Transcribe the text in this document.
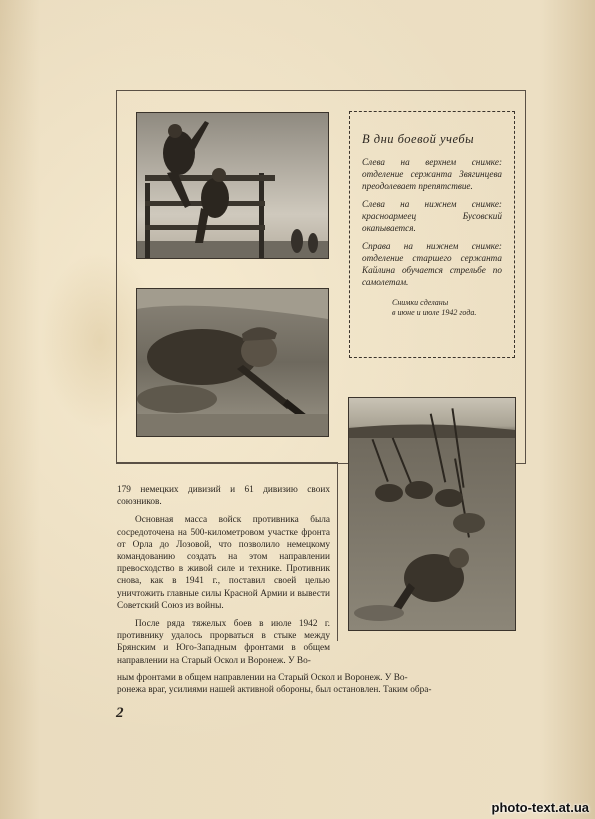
В дни боевой учебы

Слева на верхнем снимке: отделение сержанта Звягинцева преодолевает препятствие.

Слева на нижнем снимке: красноармеец Бусовский окапывается.

Справа на нижнем снимке: отделение старшего сержанта Кайлина обучается стрельбе по самолетам.

Снимки сделаны
в июне и июле 1942 года.

179 немецких дивизий и 61 дивизию своих союзников.

Основная масса войск противника была сосредоточена на 500-километровом участке фронта от Орла до Лозовой, что позволило немецкому командованию создать на этом направлении превосходство в живой силе и технике. Противник снова, как в 1941 г., поставил своей целью уничтожить главные силы Красной Армии и вывести Советский Союз из войны.

После ряда тяжелых боев в июле 1942 г. противнику удалось прорваться в стыке между Брянским и Юго-Западным фронтами в общем направлении на Старый Оскол и Воронеж. У Во-

ным фронтами в общем направлении на Старый Оскол и Воронеж. У Во-
ронежа враг, усилиями нашей активной обороны, был остановлен. Таким обра-
2
photo-text.at.ua
